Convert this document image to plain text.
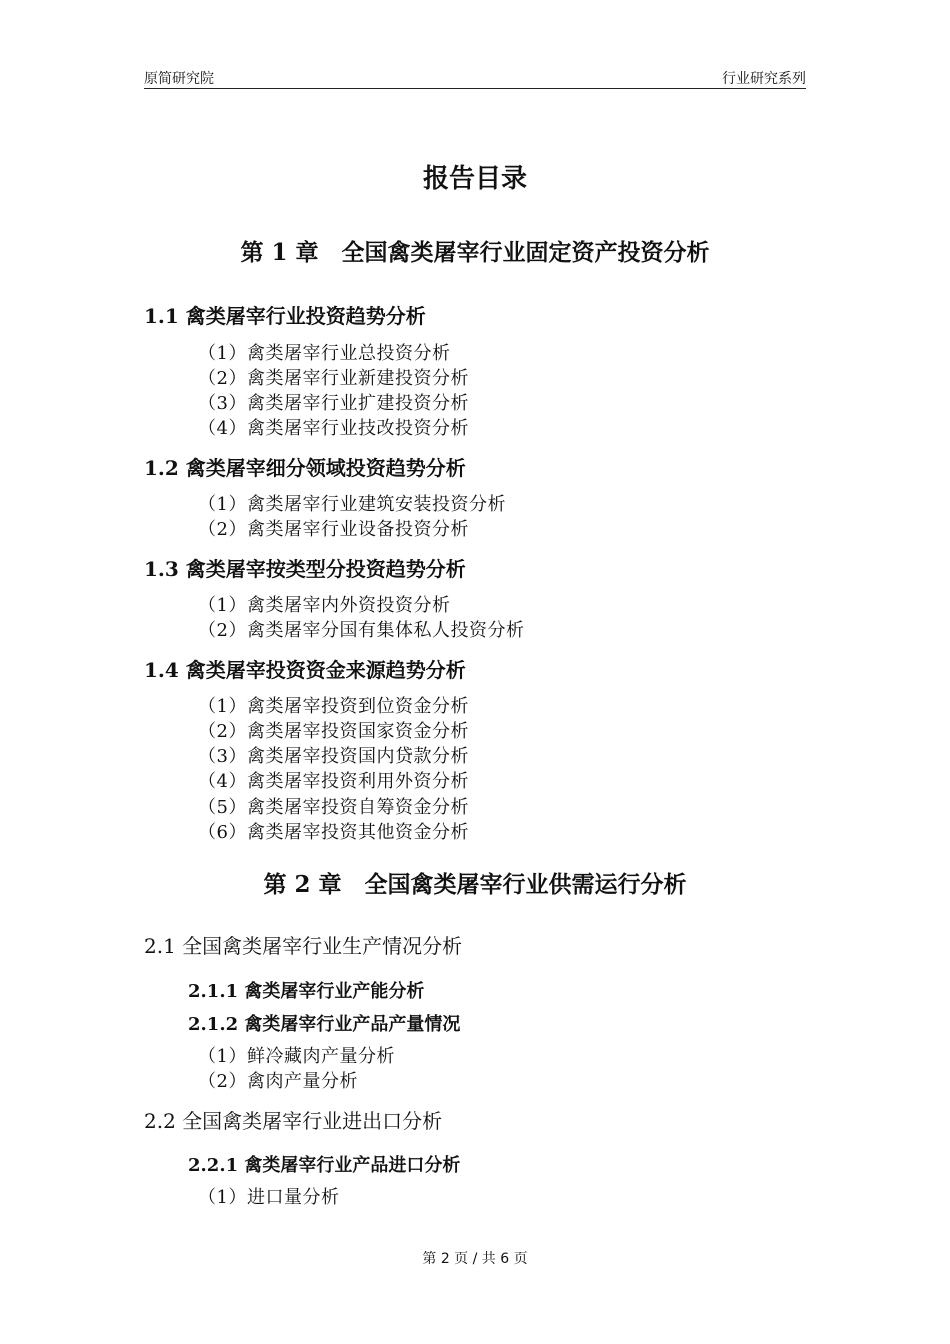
原简研究院	行业研究系列
报告目录
第 1 章　全国禽类屠宰行业固定资产投资分析
1.1 禽类屠宰行业投资趋势分析
（1）禽类屠宰行业总投资分析
（2）禽类屠宰行业新建投资分析
（3）禽类屠宰行业扩建投资分析
（4）禽类屠宰行业技改投资分析
1.2 禽类屠宰细分领域投资趋势分析
（1）禽类屠宰行业建筑安装投资分析
（2）禽类屠宰行业设备投资分析
1.3 禽类屠宰按类型分投资趋势分析
（1）禽类屠宰内外资投资分析
（2）禽类屠宰分国有集体私人投资分析
1.4 禽类屠宰投资资金来源趋势分析
（1）禽类屠宰投资到位资金分析
（2）禽类屠宰投资国家资金分析
（3）禽类屠宰投资国内贷款分析
（4）禽类屠宰投资利用外资分析
（5）禽类屠宰投资自筹资金分析
（6）禽类屠宰投资其他资金分析
第 2 章　全国禽类屠宰行业供需运行分析
2.1 全国禽类屠宰行业生产情况分析
2.1.1 禽类屠宰行业产能分析
2.1.2 禽类屠宰行业产品产量情况
（1）鲜冷藏肉产量分析
（2）禽肉产量分析
2.2 全国禽类屠宰行业进出口分析
2.2.1 禽类屠宰行业产品进口分析
（1）进口量分析
第 2 页 / 共 6 页
